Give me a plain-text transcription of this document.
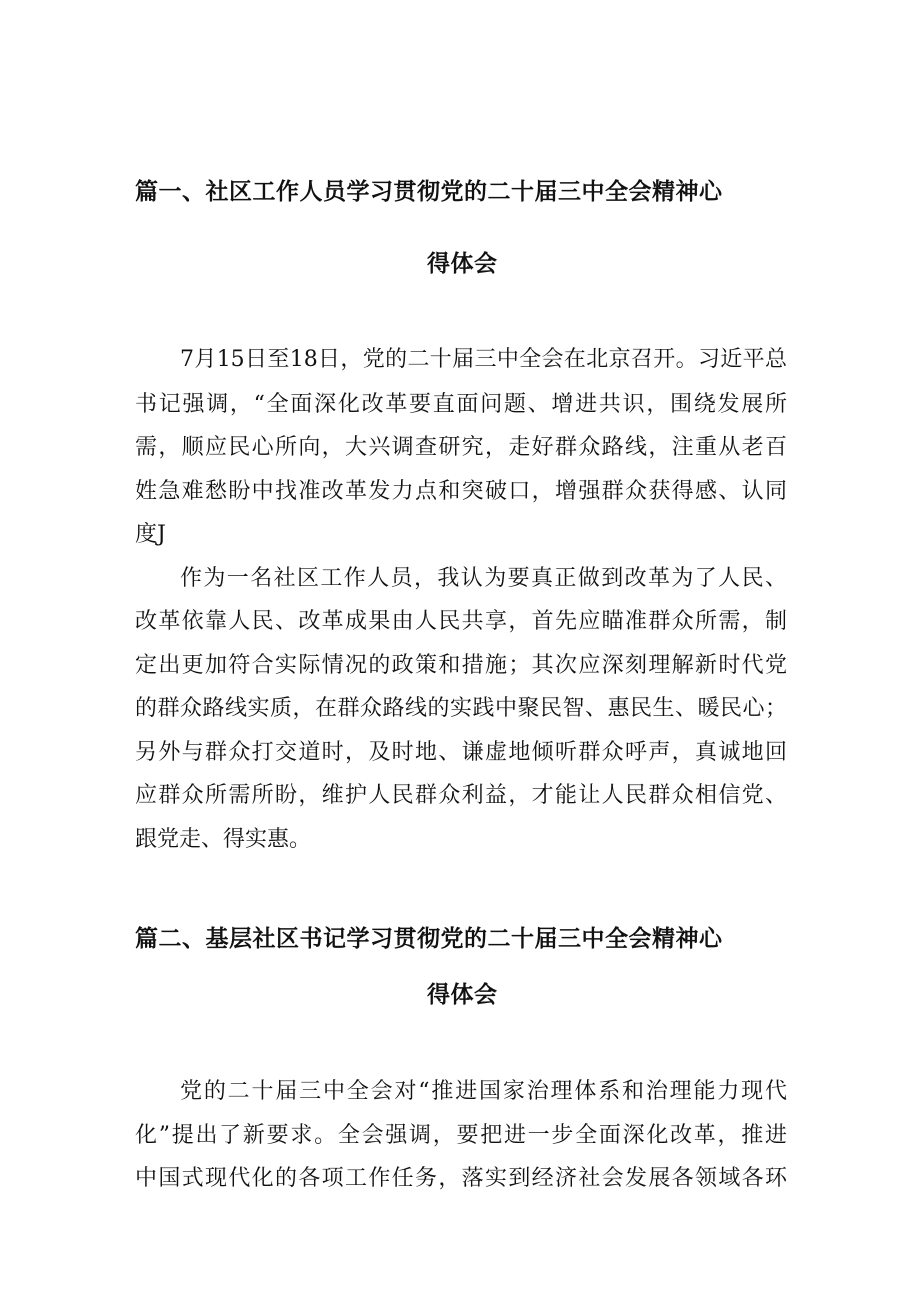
篇一、社区工作人员学习贯彻党的二十届三中全会精神心
得体会
7月15日至18日，党的二十届三中全会在北京召开。习近平总
书记强调，“全面深化改革要直面问题、增进共识，围绕发展所
需，顺应民心所向，大兴调查研究，走好群众路线，注重从老百
姓急难愁盼中找准改革发力点和突破口，增强群众获得感、认同
度J
作为一名社区工作人员，我认为要真正做到改革为了人民、
改革依靠人民、改革成果由人民共享，首先应瞄准群众所需，制
定出更加符合实际情况的政策和措施；其次应深刻理解新时代党
的群众路线实质，在群众路线的实践中聚民智、惠民生、暖民心；
另外与群众打交道时，及时地、谦虚地倾听群众呼声，真诚地回
应群众所需所盼，维护人民群众利益，才能让人民群众相信党、
跟党走、得实惠。
篇二、基层社区书记学习贯彻党的二十届三中全会精神心
得体会
党的二十届三中全会对“推进国家治理体系和治理能力现代
化”提出了新要求。全会强调，要把进一步全面深化改革，推进
中国式现代化的各项工作任务，落实到经济社会发展各领域各环
